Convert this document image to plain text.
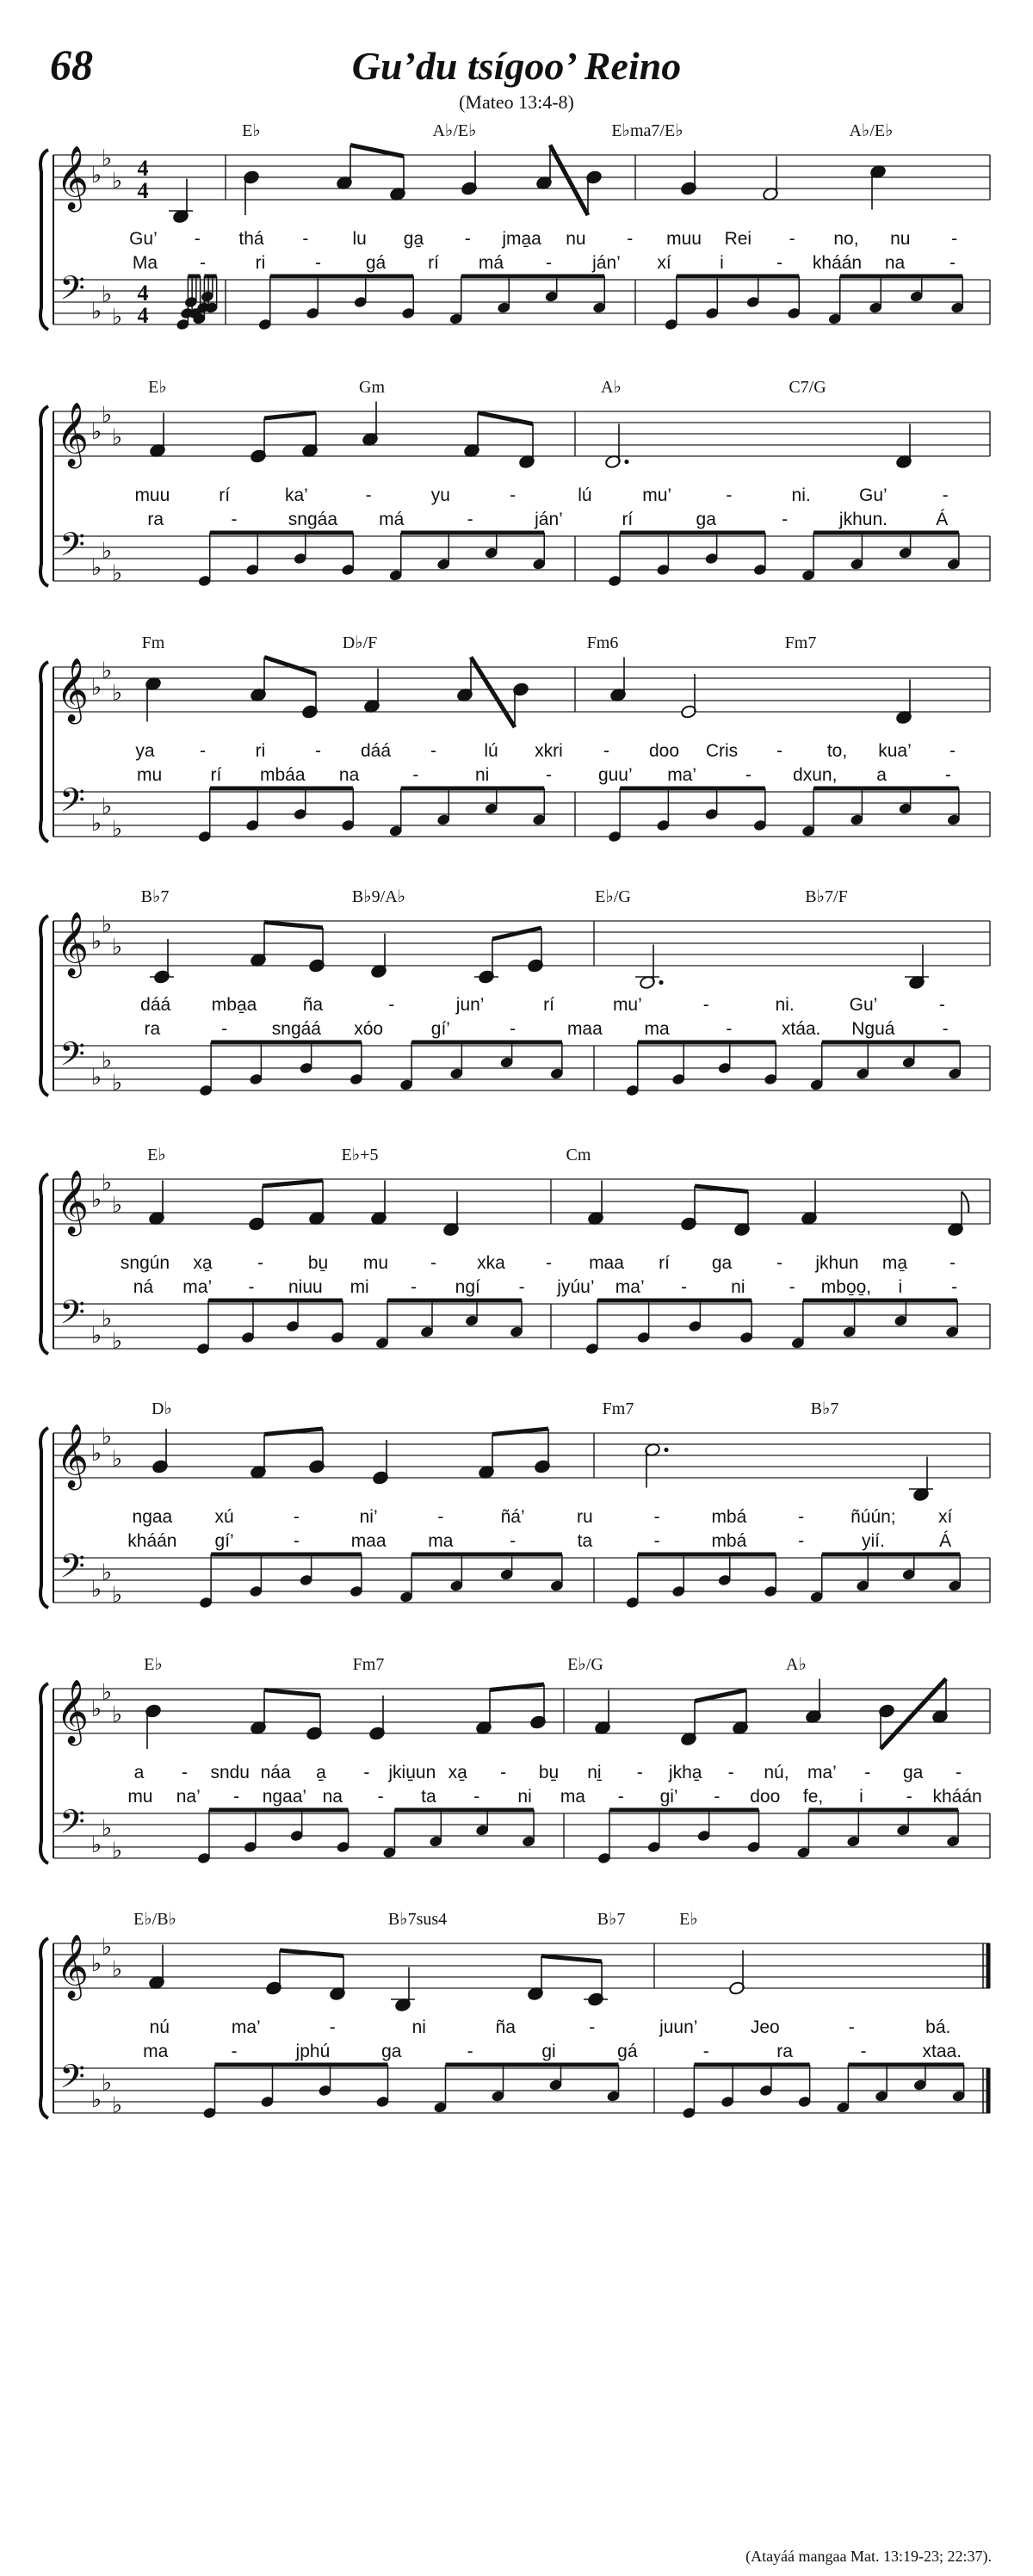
68	Gu’du tsígoo’ Reino
(Mateo 13:4-8)
𝄞
𝄢
♭
♭
♭
♭
♭
♭
4
4
4
4
E♭	A♭/E♭	E♭ma7/E♭	A♭/E♭
Gu’ - thá - lu ga̱ - jma̱a nu - muu Rei - no, nu -
Ma -	ri	- gá rí má - ján’ xí	i	- kháán na -
𝄞
𝄢
♭
♭
♭
♭
♭
♭
E♭	Gm	A♭	C7/G
muu	rí	ka’	-	yu	-	lú	mu’	-	ni.	Gu’	-
ra	-	sngáa má	-	ján’	rí	ga	-	jkhun.	Á
𝄞
𝄢
♭
♭
♭
♭
♭
♭
Fm	D♭/F	Fm6	Fm7
ya -	ri	- dáá -	lú xkri - doo Cris - to, kua’ -
mu	rí mbáa na	-	ni	-	guu’ ma’	- dxun, a	-
𝄞
𝄢
♭
♭
♭
♭
♭
♭
B♭7	B♭9/A♭	E♭/G	B♭7/F
dáá mba̱a	ña	-	jun’	rí	mu’	-	ni.	Gu’	-
ra	- sngáá xóo	gí’	-	maa ma	-	xtáa. Nguá	-
𝄞
𝄢
♭
♭
♭
♭
♭
♭
E♭	E♭+5	Cm
sngún xa̱ - bu̱ mu - xka - maa rí ga - jkhun ma̱ -
ná ma’ - niuu mi - ngí - jyúu’ ma’ - ni - mbo̱o̱, i	-
𝄞
𝄢
♭
♭
♭
♭
♭
♭
D♭	Fm7	B♭7
ngaa xú	-	ni’	-	ñá’	ru	-	mbá	-	ñúún; xí
kháán gí’	-	maa ma	-	ta	-	mbá	-	yií.	Á
𝄞
𝄢
♭
♭
♭
♭
♭
♭
E♭	Fm7	E♭/G	A♭
a - sndu náa a̱ - jkiu̱un xa̱ - bu̱ ni̱ - jkha̱ - nú, ma’ - ga -
mu na’ - ngaa’ na - ta - ni ma - gi’ - doo fe, i - kháán
𝄞
𝄢
♭
♭
♭
♭
♭
♭
E♭/B♭	B♭7sus4	B♭7	E♭
nú	ma’	-	ni	ña	-	juun’	Jeo	-	bá.
ma	-	jphú	ga	-	gi	gá	-	ra	-	xtaa.
(Atayáá mangaa Mat. 13:19-23; 22:37).
